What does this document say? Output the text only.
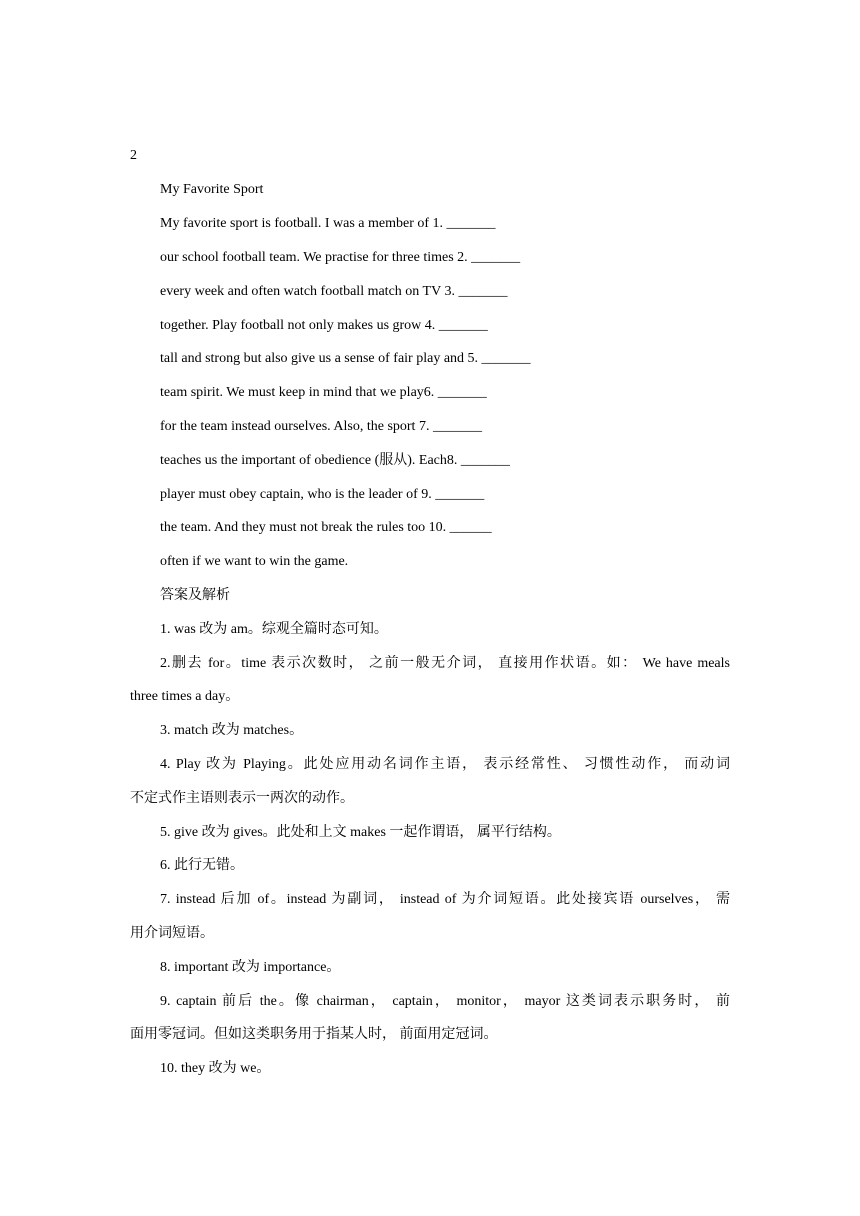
2
My Favorite Sport
My favorite sport is football. I was a member of 1. _______
our school football team. We practise for three times 2. _______
every week and often watch football match on TV 3. _______
together. Play football not only makes us grow 4. _______
tall and strong but also give us a sense of fair play and 5. _______
team spirit. We must keep in mind that we play6. _______
for the team instead ourselves. Also, the sport 7. _______
teaches us the important of obedience (服从). Each8. _______
player must obey captain, who is the leader of 9. _______
the team. And they must not break the rules too 10. ______
often if we want to win the game.
答案及解析
1. was 改为 am。综观全篇时态可知。
2.删去 for。time 表示次数时， 之前一般无介词， 直接用作状语。如： We have meals
three times a day。
3. match 改为 matches。
4. Play 改为 Playing。此处应用动名词作主语， 表示经常性、 习惯性动作， 而动词
不定式作主语则表示一两次的动作。
5. give 改为 gives。此处和上文 makes 一起作谓语， 属平行结构。
6. 此行无错。
7. instead 后加 of。instead 为副词， instead of 为介词短语。此处接宾语 ourselves， 需
用介词短语。
8. important 改为 importance。
9. captain 前后 the。像 chairman， captain， monitor， mayor 这类词表示职务时， 前
面用零冠词。但如这类职务用于指某人时， 前面用定冠词。
10. they 改为 we。
